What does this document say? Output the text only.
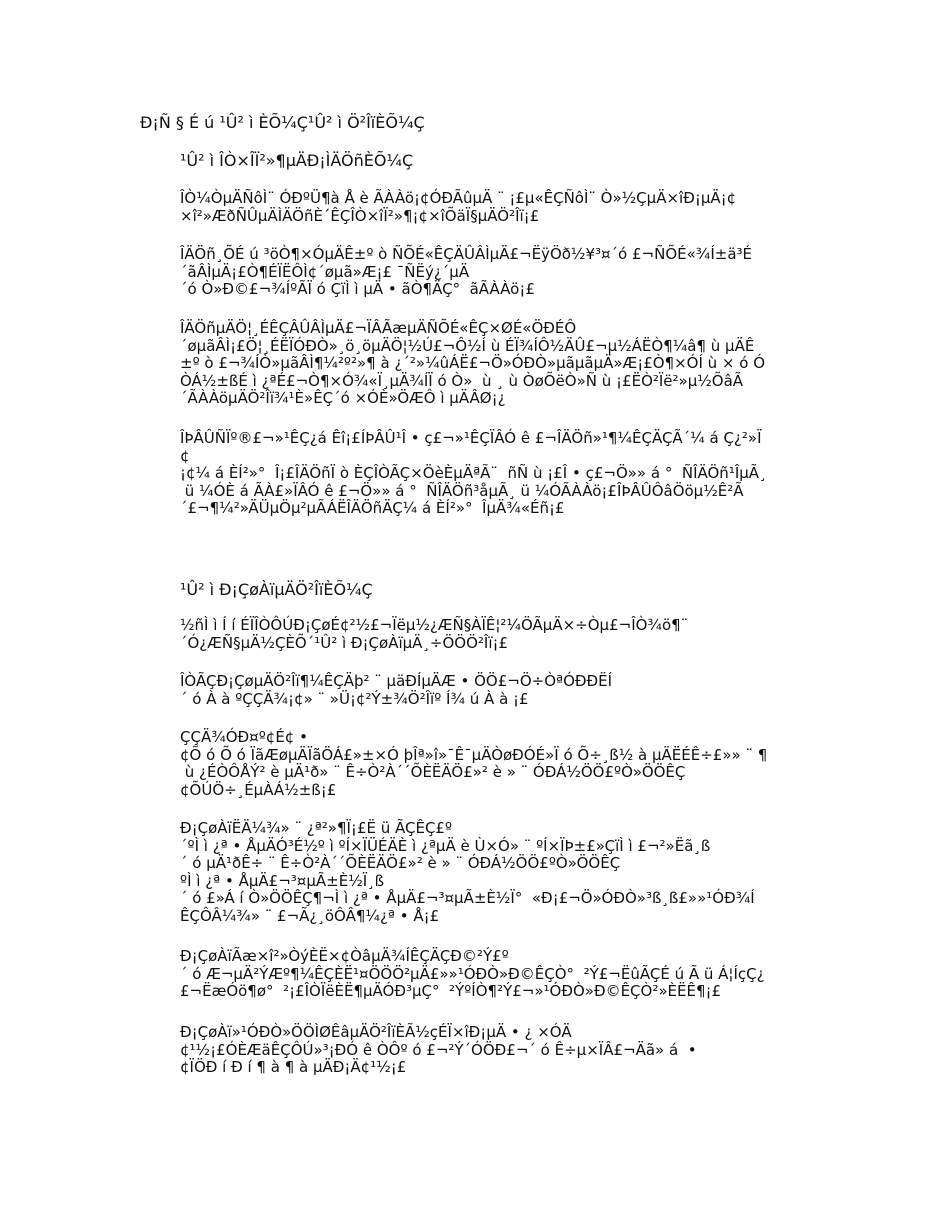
Ð¡Ñ § É ú ¹Û² ì ÈÕ¼Ç¹Û² ì Ö²ÎïÈÕ¼Ç
¹Û² ì ÎÒ×ÎÏ²»¶µÄÐ¡ÌÄÖñÈÕ¼Ç
ÎÒ¼ÒµÄÑôÌ¨ ÓÐºÜ¶à Å è ÃÀÀö¡¢ÓÐÃûµÄ ¨ ¡£µ«ÊÇÑôÌ¨ Ò»½ÇµÄ×îÐ¡µÄ¡¢
×î²»ÆðÑÛµÄÌÄÖñÈ´ÊÇÎÒ×îÏ²»¶¡¢×îÕäÏ§µÄÖ²Îï¡£
ÎÄÖñ¸ÕÉ ú ³öÒ¶×ÓµÄÊ±º ò ÑÕÉ«ÊÇÄÛÂÌµÄ£¬ËÿÖð½¥³¤´ó £¬ÑÕÉ«¾Í±ä³É
´ãÂÌµÄ¡£Ò¶ÉÏËÔÌ¢´øµã»Æ¡£ ¯ÑËý¿´µÄ
´ó Ò»Ð©£¬¾ÍºÃÏ ó ÇïÌ ì µÄ • ãÒ¶ÄÇ°  ãÃÀÀö¡£
ÎÄÖñµÄÖ¦¸ÉÊÇÂÛÂÌµÄ£¬ÏÂÃæµÄÑÕÉ«ÊÇ×ØÉ«ÖÐÉÔ
´øµãÂÌ¡£Ö¦¸ÉËÏÓÐÒ»¸ö¸öµÄÖ¦½Ú£¬Ô½Í ù ÉÏ¾ÍÔ½ÄÛ£¬µ½ÁËÒ¶¼â¶ ù µÄÊ
±º ò £¬¾ÍÒ»µãÂÌ¶¼²º²»¶ à ¿´²»¼ûÁË£¬Ö»ÓÐÒ»µãµãµÄ»Æ¡£Ò¶×ÓÍ ù × ó Ó
ÒÁ½±ßÉ ì ¿ªÉ£¬Ò¶×Ó¾«Ï¸µÄ¾ÍÏ ó Ò»  ù ¸ ù ÒøÕëÒ»Ñ ù ¡£ËÒ²Ïë²»µ½ÕâÃ
´ÃÀÀöµÄÖ²Îï¾¹È»ÊÇ´ó ×ÓÈ»ÖÆÔ ì µÄÂØ¡¿
ÎÞÂÛÑÏº®£¬»¹ÊÇ¿á Êî¡£ÍÞÂÛ¹Î • ç£¬»¹ÊÇÏÂÓ ê £¬ÎÄÖñ»¹¶¼ÊÇÄÇÃ´¼ á Ç¿²»Ï
¢
¡¢¼ á ÈÍ²»°  Î¡£ÎÄÖñÏ ò ÈÇÎÒÃÇ×ÖèÈµÄªÃ¨  ñÑ ù ¡£Î • ç£¬Ö»» á °  ÑÎÄÖñ¹ÎµÃ¸
ü ¼ÓÈ á ÃÀ£»ÏÂÓ ê £¬Ö»» á °  ÑÎÄÖñ³åµÃ¸ ü ¼ÓÃÀÀö¡£ÎÞÂÛÔâÖöµ½Ê²Ã
´£¬¶¼²»ÄÜµÖµ²µÃÁËÎÄÖñÄÇ¼ á ÈÍ²»°  ÎµÄ¾«Éñ¡£
¹Û² ì Ð¡ÇøÀïµÄÖ²ÎïÈÕ¼Ç
½ñÌ ì Í í ÉÏÎÒÔÚÐ¡ÇøÉ¢²½£¬Ïëµ½¿ÆÑ§ÀÏÊ¦²¼ÖÃµÄ×÷Òµ£¬ÎÒ¾ö¶¨
´Ó¿ÆÑ§µÄ½ÇÈÕ´¹Û² ì Ð¡ÇøÀïµÄ¸÷ÖÖÖ²Îï¡£
ÎÒÃÇÐ¡ÇøµÄÖ²Îï¶¼ÊÇÄþ² ¨ µäÐÍµÄÆ • ÖÖ£¬Ö÷ÒªÓÐÐËÍ
´ ó À à ºÇÇÄ¾¡¢» ¨ »Ü¡¢²Ý±¾Ö²Îïº Í¾ ú À à ¡£
ÇÇÄ¾ÓÐ¤º¢É¢ •
¢Õ ó Õ ó ÏãÆøµÄÏãÖÁ£»±×Ó þÎª»î»¯Ê¯µÄÒøÐÓÉ»Ï ó Õ÷¸ß½ à µÄËÉÊ÷£»» ¨ ¶
ù ¿ÉÒÔÅÝ² è µÄ¹ð» ¨ Ê÷Ò²À´´ÕÈËÄÖ£»² è » ¨ ÓÐÁ½ÖÖ£ºÒ»ÖÖÊÇ
¢ÕÚÖ÷¸ÉµÀÁ½±ß¡£
Ð¡ÇøÀïËÄ¼¾» ¨ ¿ª²»¶Ï¡£Ë ü ÃÇÊÇ£º
´ºÌ ì ¿ª • ÅµÄÓ³É½º ì ºÍ×ÏÜÉÄÈ ì ¿ªµÄ è Ù×Ó» ¨ ºÍ×ÏÞ±£»ÇïÌ ì £¬²»Ëã¸ß
´ ó µÄ¹ðÊ÷ ¨ Ê÷Ò²À´´ÕÈËÄÖ£»² è » ¨ ÓÐÁ½ÖÖ£ºÒ»ÖÖÊÇ
ºÌ ì ¿ª • ÅµÄ£¬³¤µÃ±È½Ï¸ß
´ ó £»Á í Ò»ÖÖÊÇ¶¬Ì ì ¿ª • ÅµÄ£¬³¤µÃ±È½Ï°  «Ð¡£¬Ö»ÓÐÒ»³ß¸ß£»»¹ÓÐ¾Í
ÊÇÔÂ¼¾» ¨ £¬Ã¿¸öÔÂ¶¼¿ª • Å¡£
Ð¡ÇøÀïÃæ×î²»ÒýÈË×¢ÒâµÄ¾ÍÊÇÄÇÐ©²Ý£º
´ ó Æ¬µÄ²ÝÆº¶¼ÊÇÈË¹¤ÖÖÖ²µÄ£»»¹ÓÐÒ»Ð©ÊÇÒ°  ²Ý£¬ËûÃÇÉ ú Ã ü Á¦ÍçÇ¿
£¬ËæÓö¶ø°  ²¡£ÎÒÏëÈË¶µÄÓÐ³µÇ°  ²ÝºÍÒ¶²Ý£¬»¹ÓÐÒ»Ð©ÊÇÒ²»ÈËÊ¶¡£
Ð¡ÇøÀï»¹ÓÐÒ»ÖÖÌØÊâµÄÖ²ÎïÈÃ½çÉÏ×îÐ¡µÄ • ¿ ×ÓÄ
¢¹½¡£ÓÈÆäÊÇÔÚ»³¡ÐÓ ê ÒÔº ó £¬²Ý´ÓÖÐ£¬´ ó Ê÷µ×ÏÂ£¬Äã» á  •
¢ÏÖÐ í Ð í ¶ à ¶ à µÄÐ¡Ä¢¹½¡£
